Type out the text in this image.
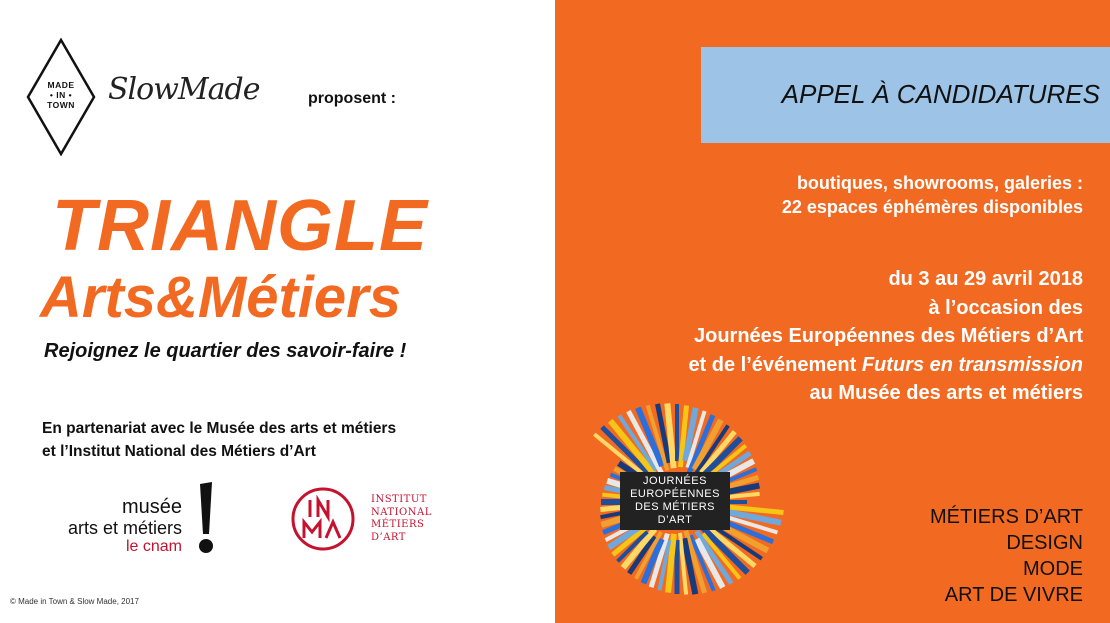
MADE
• IN •
TOWN	SlowMade	proposent :
TRIANGLE
Arts&Métiers
Rejoignez le quartier des savoir-faire !
En partenariat avec le Musée des arts et métiers
et l’Institut National des Métiers d’Art
musée
arts et métiers
le cnam
INSTITUT
NATIONAL
MÉTIERS
D’ART
© Made in Town & Slow Made, 2017
APPEL À CANDIDATURES
boutiques, showrooms, galeries :
22 espaces éphémères disponibles
du 3 au 29 avril 2018
à l’occasion des
Journées Européennes des Métiers d’Art
et de l’événement Futurs en transmission
au Musée des arts et métiers
JOURNÉES
EUROPÉENNES
DES MÉTIERS
D’ART	MÉTIERS D’ART
DESIGN
MODE
ART DE VIVRE
